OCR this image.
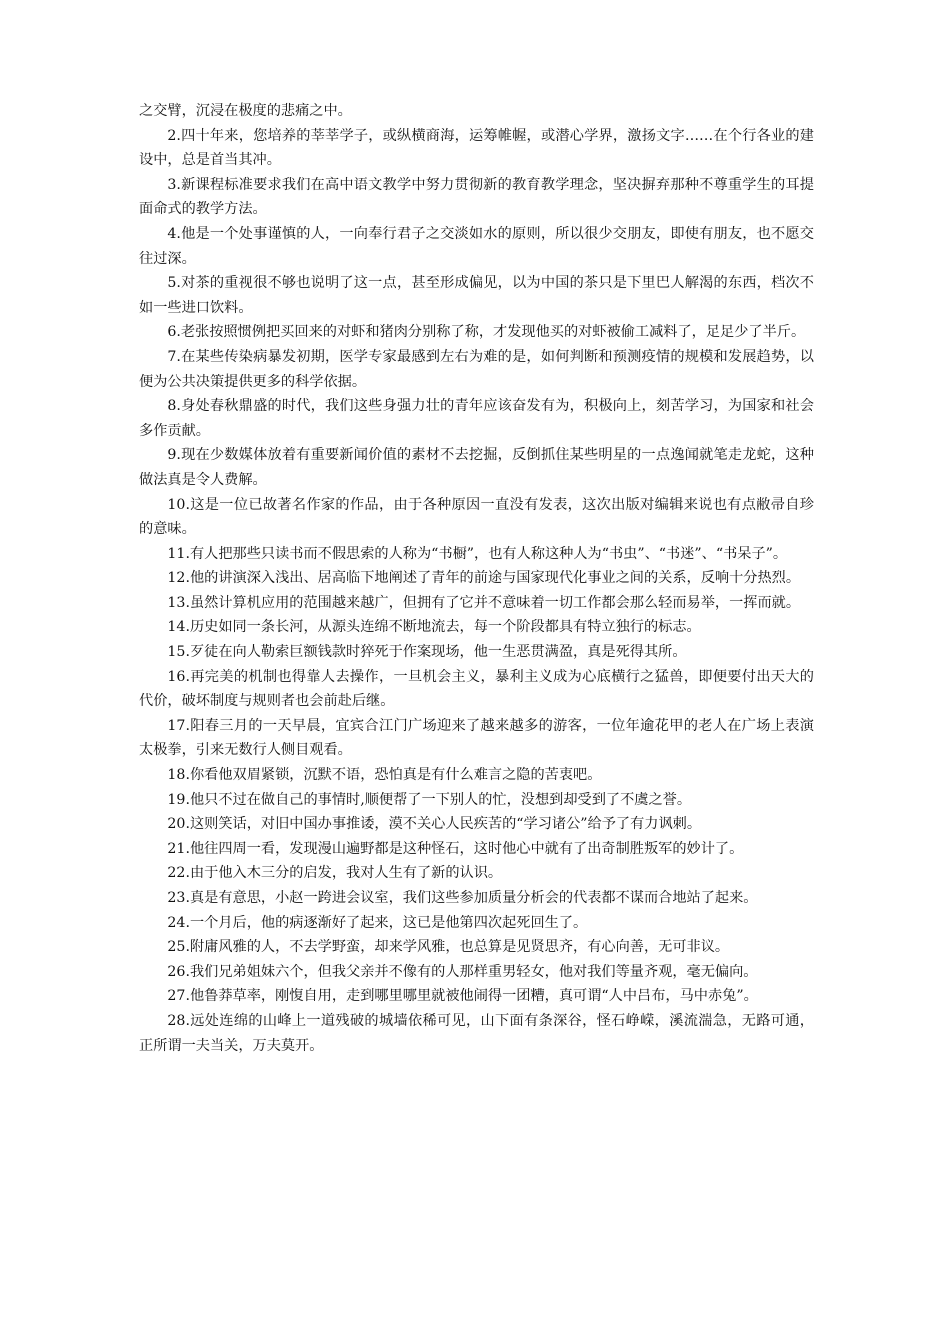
之交臂，沉浸在极度的悲痛之中。

2.四十年来，您培养的莘莘学子，或纵横商海，运筹帷幄，或潜心学界，激扬文字……在个行各业的建设中，总是首当其冲。

3.新课程标准要求我们在高中语文教学中努力贯彻新的教育教学理念，坚决摒弃那种不尊重学生的耳提面命式的教学方法。

4.他是一个处事谨慎的人，一向奉行君子之交淡如水的原则，所以很少交朋友，即使有朋友，也不愿交往过深。

5.对茶的重视很不够也说明了这一点，甚至形成偏见，以为中国的茶只是下里巴人解渴的东西，档次不如一些进口饮料。

6.老张按照惯例把买回来的对虾和猪肉分别称了称，才发现他买的对虾被偷工减料了，足足少了半斤。

7.在某些传染病暴发初期，医学专家最感到左右为难的是，如何判断和预测疫情的规模和发展趋势，以便为公共决策提供更多的科学依据。

8.身处春秋鼎盛的时代，我们这些身强力壮的青年应该奋发有为，积极向上，刻苦学习，为国家和社会多作贡献。

9.现在少数媒体放着有重要新闻价值的素材不去挖掘，反倒抓住某些明星的一点逸闻就笔走龙蛇，这种做法真是令人费解。

10.这是一位已故著名作家的作品，由于各种原因一直没有发表，这次出版对编辑来说也有点敝帚自珍的意味。

11.有人把那些只读书而不假思索的人称为“书橱”，也有人称这种人为“书虫”、“书迷”、“书呆子”。

12.他的讲演深入浅出、居高临下地阐述了青年的前途与国家现代化事业之间的关系，反响十分热烈。

13.虽然计算机应用的范围越来越广，但拥有了它并不意味着一切工作都会那么轻而易举，一挥而就。

14.历史如同一条长河，从源头连绵不断地流去，每一个阶段都具有特立独行的标志。

15.歹徒在向人勒索巨额钱款时猝死于作案现场，他一生恶贯满盈，真是死得其所。

16.再完美的机制也得靠人去操作，一旦机会主义，暴利主义成为心底横行之猛兽，即便要付出天大的代价，破坏制度与规则者也会前赴后继。

17.阳春三月的一天早晨，宜宾合江门广场迎来了越来越多的游客，一位年逾花甲的老人在广场上表演太极拳，引来无数行人侧目观看。

18.你看他双眉紧锁，沉默不语，恐怕真是有什么难言之隐的苦衷吧。

19.他只不过在做自己的事情时,顺便帮了一下别人的忙，没想到却受到了不虞之誉。

20.这则笑话，对旧中国办事推诿，漠不关心人民疾苦的“学习诸公”给予了有力讽刺。

21.他往四周一看，发现漫山遍野都是这种怪石，这时他心中就有了出奇制胜叛军的妙计了。

22.由于他入木三分的启发，我对人生有了新的认识。

23.真是有意思，小赵一跨进会议室，我们这些参加质量分析会的代表都不谋而合地站了起来。

24.一个月后，他的病逐渐好了起来，这已是他第四次起死回生了。

25.附庸风雅的人，不去学野蛮，却来学风雅，也总算是见贤思齐，有心向善，无可非议。

26.我们兄弟姐妹六个，但我父亲并不像有的人那样重男轻女，他对我们等量齐观，毫无偏向。

27.他鲁莽草率，刚愎自用，走到哪里哪里就被他闹得一团糟，真可谓“人中吕布，马中赤兔”。

28.远处连绵的山峰上一道残破的城墙依稀可见，山下面有条深谷，怪石峥嵘，溪流湍急，无路可通，正所谓一夫当关，万夫莫开。
